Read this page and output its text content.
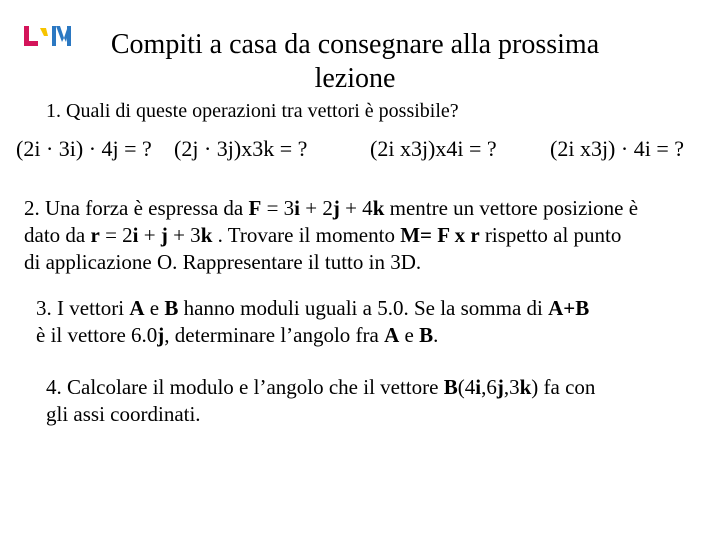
Compiti a casa da consegnare alla prossima lezione
1. Quali di queste operazioni tra vettori è possibile?
(2i · 3i) · 4j = ? (2j · 3j)x3k = ?	(2i x3j)x4i = ? (2i x3j) · 4i = ?
2. Una forza è espressa da F = 3i + 2j + 4k mentre un vettore posizione è
dato da r = 2i + j + 3k . Trovare il momento M= F x r rispetto al punto
di applicazione O. Rappresentare il tutto in 3D.
3. I vettori A e B hanno moduli uguali a 5.0. Se la somma di A+B
è il vettore 6.0j, determinare l’angolo fra A e B.
4. Calcolare il modulo e l’angolo che il vettore B(4i,6j,3k) fa con
gli assi coordinati.
